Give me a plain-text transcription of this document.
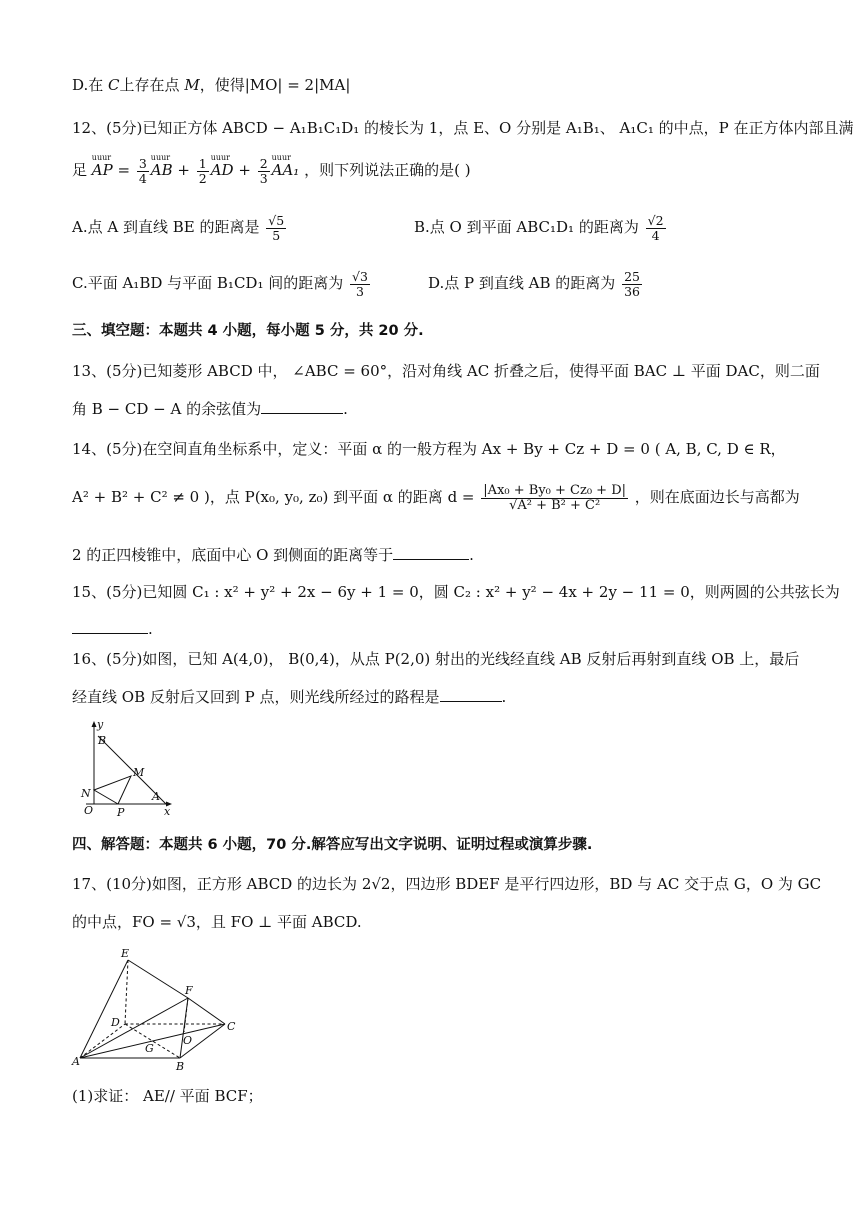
D.在 C上存在点 M，使得|MO| = 2|MA|
12、(5分)已知正方体 ABCD − A₁B₁C₁D₁ 的棱长为 1，点 E、O 分别是 A₁B₁、 A₁C₁ 的中点，P 在正方体内部且满
足
uuur
AP = $\frac{3}{4}$ uuur
AB + $\frac{1}{2}$ uuur
AD + $\frac{2}{3}$ uuur
AA₁ ，则下列说法正确的是( )
A.点 A 到直线 BE 的距离是 $\frac{√5}{5}$	B.点 O 到平面 ABC₁D₁ 的距离为 $\frac{√2}{4}$
C.平面 A₁BD 与平面 B₁CD₁ 间的距离为 $\frac{√3}{3}$	D.点 P 到直线 AB 的距离为 $\frac{25}{36}$
三、填空题：本题共 4 小题，每小题 5 分，共 20 分.
13、(5分)已知菱形 ABCD 中， ∠ABC = 60°，沿对角线 AC 折叠之后，使得平面 BAC ⊥ 平面 DAC，则二面
角 B − CD − A 的余弦值为	.
14、(5分)在空间直角坐标系中，定义：平面 α 的一般方程为 Ax + By + Cz + D = 0 ( A, B, C, D ∈ R，
A² + B² + C² ≠ 0 )，点 P(x₀, y₀, z₀) 到平面 α 的距离 $d = \frac{\text{|Ax₀ + By₀ + Cz₀ + D|}}{\text{√A² + B² + C²}}$ ，则在底面边长与高都为
2 的正四棱锥中，底面中心 O 到侧面的距离等于	.
15、(5分)已知圆 C₁ : x² + y² + 2x − 6y + 1 = 0，圆 C₂ : x² + y² − 4x + 2y − 11 = 0，则两圆的公共弦长为
.
16、(5分)如图，已知 A(4,0)， B(0,4)，从点 P(2,0) 射出的光线经直线 AB 反射后再射到直线 OB 上，最后
经直线 OB 反射后又回到 P 点，则光线所经过的路程是	.
y
x
B
M
N
O P
A
四、解答题：本题共 6 小题，70 分.解答应写出文字说明、证明过程或演算步骤.
17、(10分)如图，正方形 ABCD 的边长为 2√2，四边形 BDEF 是平行四边形，BD 与 AC 交于点 G，O 为 GC
的中点，FO = √3，且 FO ⊥ 平面 ABCD.
E
F
D	C
O
G
A	B
(1)求证： AE// 平面 BCF；
